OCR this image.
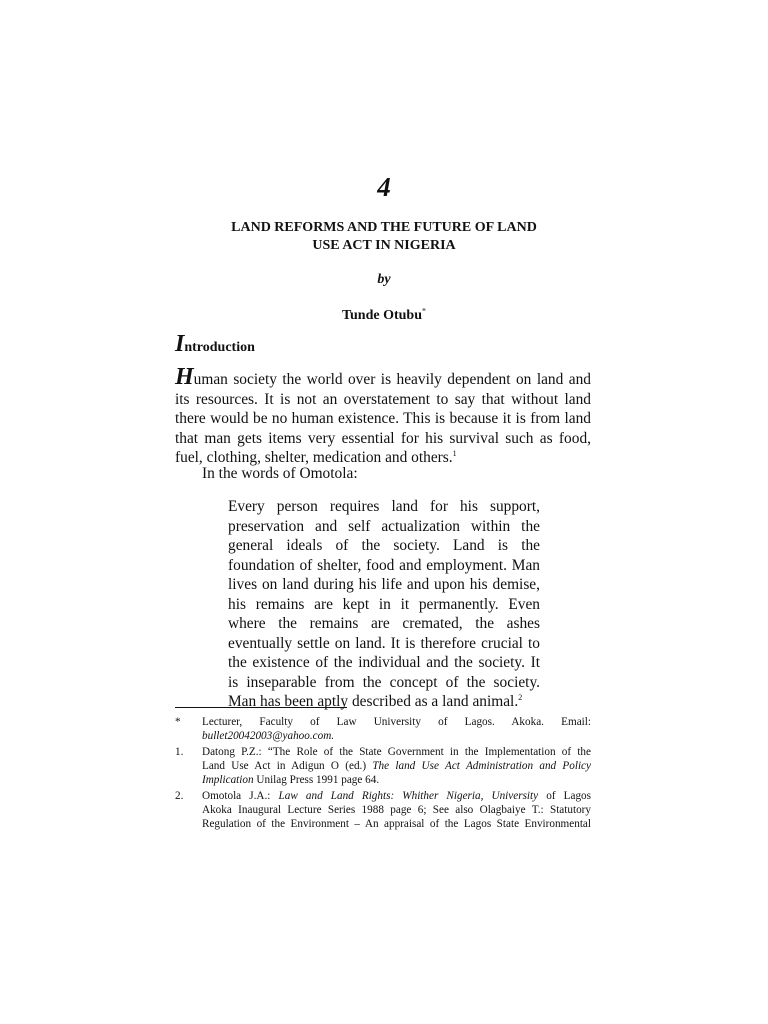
4
LAND REFORMS AND THE FUTURE OF LAND
USE ACT IN NIGERIA
by
Tunde Otubu*
Introduction
Human society the world over is heavily dependent on land and
its resources. It is not an overstatement to say that without land
there would be no human existence. This is because it is from land
that man gets items very essential for his survival such as food,
fuel, clothing, shelter, medication and others.$^1$
In the words of Omotola:
Every person requires land for his support,
preservation and self actualization within the
general ideals of the society. Land is the
foundation of shelter, food and employment. Man
lives on land during his life and upon his demise,
his remains are kept in it permanently. Even
where the remains are cremated, the ashes
eventually settle on land. It is therefore crucial to
the existence of the individual and the society. It
is inseparable from the concept of the society.
Man has been aptly described as a land animal.$^2$
* Lecturer, Faculty of Law University of Lagos. Akoka. Email:
bullet20042003@yahoo.com.
1. Datong P.Z.: “The Role of the State Government in the Implementation of the
Land Use Act in Adigun O (ed.) The land Use Act Administration and Policy
Implication Unilag Press 1991 page 64.
2. Omotola J.A.: Law and Land Rights: Whither Nigeria, University of Lagos
Akoka Inaugural Lecture Series 1988 page 6; See also Olagbaiye T.: Statutory
Regulation of the Environment – An appraisal of the Lagos State Environmental
